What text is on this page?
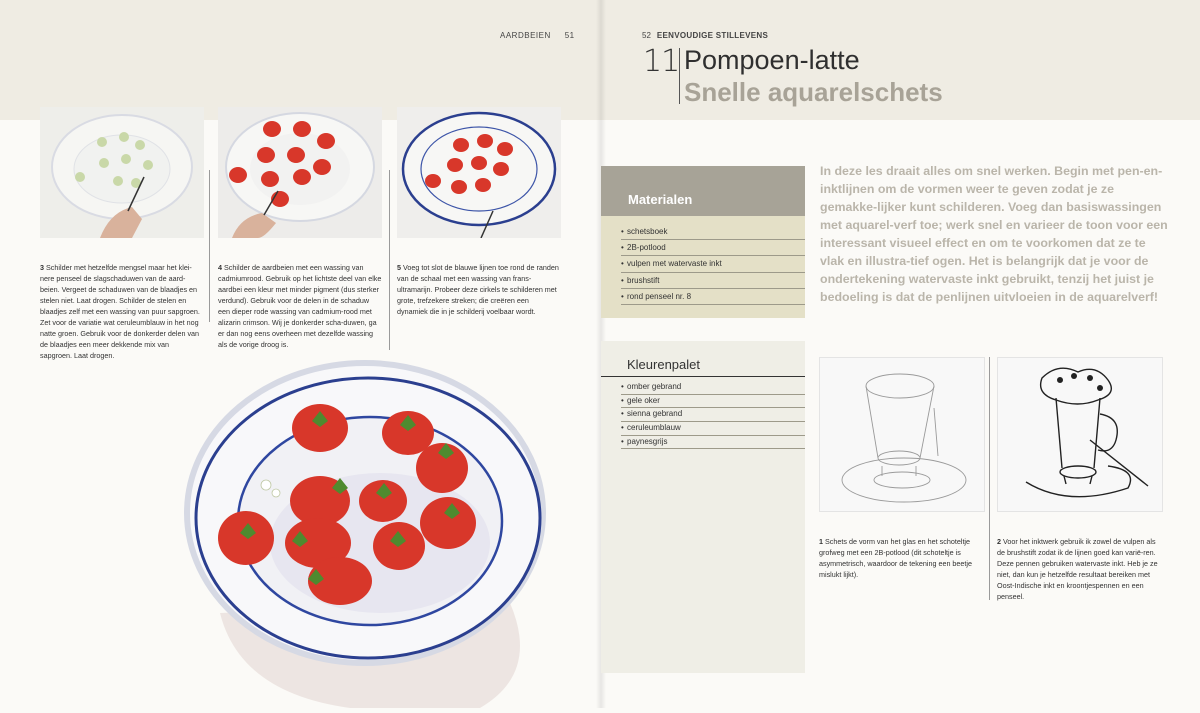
AARDBEIEN 51	52 EENVOUDIGE STILLEVENS
11 Pompoen-latte
Snelle aquarelschets
3 Schilder met hetzelfde mengsel maar het klei-nere penseel de slagschaduwen van de aard-beien. Vergeet de schaduwen van de blaadjes en stelen niet. Laat drogen. Schilder de stelen en blaadjes zelf met een wassing van puur sapgroen. Zet voor de variatie wat ceruleumblauw in het nog natte groen. Gebruik voor de donkerder delen van de blaadjes een meer dekkende mix van sapgroen. Laat drogen.
4 Schilder de aardbeien met een wassing van cadmiumrood. Gebruik op het lichtste deel van elke aardbei een kleur met minder pigment (dus sterker verdund). Gebruik voor de delen in de schaduw een dieper rode wassing van cadmium-rood met alizarin crimson. Wij je donkerder scha-duwen, ga er dan nog eens overheen met dezelfde wassing als de vorige droog is.
5 Voeg tot slot de blauwe lijnen toe rond de randen van de schaal met een wassing van frans-ultramarijn. Probeer deze cirkels te schilderen met grote, trefzekere streken; die creëren een dynamiek die in je schilderij voelbaar wordt.
In deze les draait alles om snel werken. Begin met pen-en-inktlijnen om de vormen weer te geven zodat je ze gemakke-lijker kunt schilderen. Voeg dan basiswassingen met aquarel-verf toe; werk snel en varieer de toon voor een interessant visueel effect en om te voorkomen dat ze te vlak en illustra-tief ogen. Het is belangrijk dat je voor de ondertekening watervaste inkt gebruikt, tenzij het juist je bedoeling is dat de penlijnen uitvloeien in de aquarelverf!
Materialen
• schetsboek
• 2B-potlood
• vulpen met watervaste inkt
• brushstift
• rond penseel nr. 8
Kleurenpalet
• omber gebrand
• gele oker
• sienna gebrand
• ceruleumblauw
• paynesgrijs
1 Schets de vorm van het glas en het schoteltje grofweg met een 2B-potlood (dit schoteltje is asymmetrisch, waardoor de tekening een beetje mislukt lijkt).
2 Voor het inktwerk gebruik ik zowel de vulpen als de brushstift zodat ik de lijnen goed kan varië-ren. Deze pennen gebruiken watervaste inkt. Heb je ze niet, dan kun je hetzelfde resultaat bereiken met Oost-Indische inkt en kroontjespennen en een penseel.
